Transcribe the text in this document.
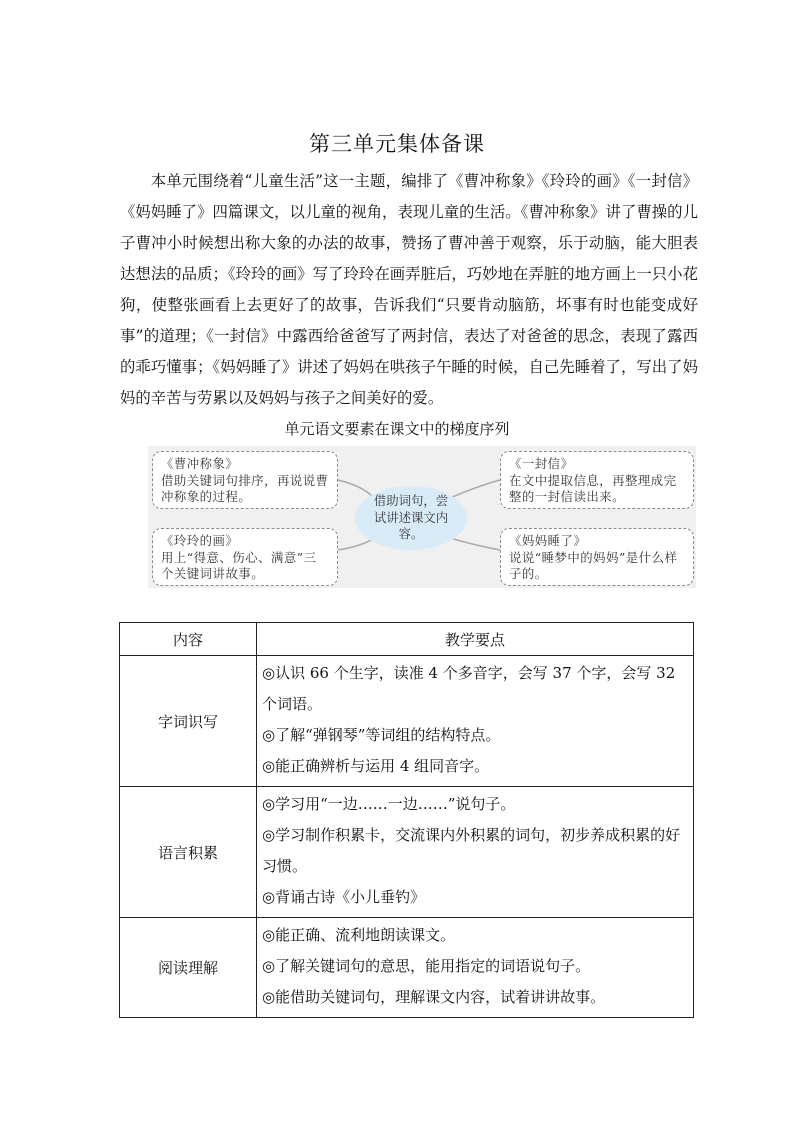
第三单元集体备课

本单元围绕着“儿童生活”这一主题，编排了《曹冲称象》《玲玲的画》《一封信》《妈妈睡了》四篇课文，以儿童的视角，表现儿童的生活。《曹冲称象》讲了曹操的儿子曹冲小时候想出称大象的办法的故事，赞扬了曹冲善于观察，乐于动脑，能大胆表达想法的品质；《玲玲的画》写了玲玲在画弄脏后，巧妙地在弄脏的地方画上一只小花狗，使整张画看上去更好了的故事，告诉我们“只要肯动脑筋，坏事有时也能变成好事”的道理；《一封信》中露西给爸爸写了两封信，表达了对爸爸的思念，表现了露西的乖巧懂事；《妈妈睡了》讲述了妈妈在哄孩子午睡的时候，自己先睡着了，写出了妈妈的辛苦与劳累以及妈妈与孩子之间美好的爱。

单元语文要素在课文中的梯度序列
《曹冲称象》
借助关键词句排序，再说说曹冲称象的过程。
《玲玲的画》
用上“得意、伤心、满意”三个关键词讲故事。
《一封信》
在文中提取信息，再整理成完整的一封信读出来。
《妈妈睡了》
说说“睡梦中的妈妈”是什么样子的。
借助词句，尝试讲述课文内容。
内容	教学要点
字词识写	◎认识 66 个生字，读准 4 个多音字，会写 37 个字，会写 32 个词语。
◎了解“弹钢琴”等词组的结构特点。
◎能正确辨析与运用 4 组同音字。

语言积累	◎学习用“一边……一边……”说句子。
◎学习制作积累卡，交流课内外积累的词句，初步养成积累的好习惯。
◎背诵古诗《小儿垂钓》

阅读理解	◎能正确、流利地朗读课文。
◎了解关键词句的意思，能用指定的词语说句子。
◎能借助关键词句，理解课文内容，试着讲讲故事。
